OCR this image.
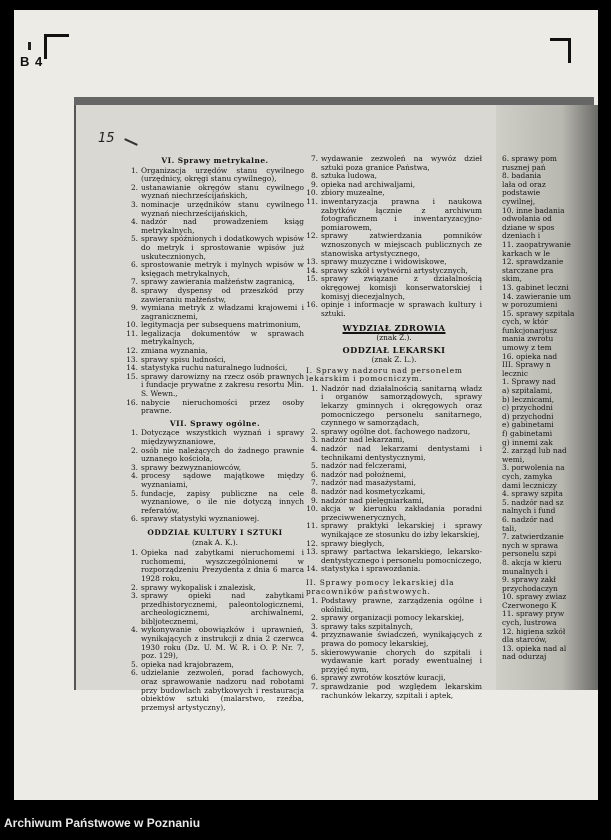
B 4
15
VI. Sprawy metrykalne.
1. Organizacja urzędów stanu cywilnego (urzędnicy, okręgi stanu cywilnego),
2. ustanawianie okręgów stanu cywilnego wyznań niechrześcijańskich,
3. nominacje urzędników stanu cywilnego wyznań niechrześcijańskich,
4. nadzór nad prowadzeniem ksiąg metrykalnych,
5. sprawy spóźnionych i dodatkowych wpisów do metryk i sprostowanie wpisów już uskutecznionych,
6. sprostowanie metryk i mylnych wpisów w księgach metrykalnych,
7. sprawy zawierania małżeństw zagranicą,
8. sprawy dyspensy od przeszkód przy zawieraniu małżeństw,
9. wymiana metryk z władzami krajowemi i zagranicznemi,
10. legitymacja per subsequens matrimonium,
11. legalizacja dokumentów w sprawach metrykalnych,
12. zmiana wyznania,
13. sprawy spisu ludności,
14. statystyka ruchu naturalnego ludności,
15. sprawy darowizny na rzecz osób prawnych i fundacje prywatne z zakresu resortu Min. S. Wewn.,
16. nabycie nieruchomości przez osoby prawne.
VII. Sprawy ogólne.
1. Dotyczące wszystkich wyznań i sprawy międzywyznaniowe,
2. osób nie należących do żadnego prawnie uznanego kościoła,
3. sprawy bezwyznaniowców,
4. procesy sądowe majątkowe między wyznaniami,
5. fundacje, zapisy publiczne na cele wyznaniowe, o ile nie dotyczą innych referatów,
6. sprawy statystyki wyznaniowej.
ODDZIAŁ KULTURY I SZTUKI
(znak A. K.).
1. Opieka nad zabytkami nieruchomemi i ruchomemi, wyszczególnionemi w rozporządzeniu Prezydenta z dnia 6 marca 1928 roku,
2. sprawy wykopalisk i znalezisk,
3. sprawy opieki nad zabytkami przedhistorycznemi, paleontologicznemi, archeologicznemi, archiwalnemi, bibljotecznemi,
4. wykonywanie obowiązków i uprawnień, wynikających z instrukcji z dnia 2 czerwca 1930 roku (Dz. U. M. W. R. i O. P. Nr. 7, poz. 129),
5. opieka nad krajobrazem,
6. udzielanie zezwoleń, porad fachowych, oraz sprawowanie nadzoru nad robotami przy budowlach zabytkowych i restauracja obiektów sztuki (malarstwo, rzeźba, przemysł artystyczny),
7. wydawanie zezwoleń na wywóz dzieł sztuki poza granice Państwa,
8. sztuka ludowa,
9. opieka nad archiwaljami,
10. zbiory muzealne,
11. inwentaryzacja prawna i naukowa zabytków łącznie z archiwum fotograficznem i inwentaryzacyjno-pomiarowem,
12. sprawy zatwierdzania pomników wznoszonych w miejscach publicznych ze stanowiska artystycznego,
13. sprawy muzyczne i widowiskowe,
14. sprawy szkół i wytwórni artystycznych,
15. sprawy związane z działalnością okręgowej komisji konserwatorskiej i komisyj diecezjalnych,
16. opinje i informacje w sprawach kultury i sztuki.
WYDZIAŁ ZDROWIA
(znak Z.).
ODDZIAŁ LEKARSKI
(znak Z. L.).
I. Sprawy nadzoru nad personelem lekarskim i pomocniczym.
1. Nadzór nad działalnością sanitarną władz i organów samorządowych, sprawy lekarzy gminnych i okręgowych oraz pomocniczego personelu sanitarnego, czynnego w samorządach,
2. sprawy ogólne dot. fachowego nadzoru,
3. nadzór nad lekarzami,
4. nadzór nad lekarzami dentystami i technikami dentystycznymi,
5. nadzór nad felczerami,
6. nadzór nad położnemi,
7. nadzór nad masażystami,
8. nadzór nad kosmetyczkami,
9. nadzór nad pielęgniarkami,
10. akcja w kierunku zakładania poradni przeciwwenerycznych,
11. sprawy praktyki lekarskiej i sprawy wynikające ze stosunku do izby lekarskiej,
12. sprawy biegłych,
13. sprawy partactwa lekarskiego, lekarsko-dentystycznego i personelu pomocniczego,
14. statystyka i sprawozdania.
II. Sprawy pomocy lekarskiej dla pracowników państwowych.
1. Podstawy prawne, zarządzenia ogólne i okólniki,
2. sprawy organizacji pomocy lekarskiej,
3. sprawy taks szpitalnych,
4. przyznawanie świadczeń, wynikających z prawa do pomocy lekarskiej,
5. skierowywanie chorych do szpitali i wydawanie kart porady ewentualnej i przyjęć nym,
6. sprawy zwrotów kosztów kuracji,
7. sprawdzanie pod względem lekarskim rachunków lekarzy, szpitali i aptek,
6. sprawy pom
rusznej pań
8. badania
lała od oraz
podstawie
cywilnej,
10. inne badania
odwołania od
dziane w spos
dzeniach i
11. zaopatrywanie
karkach w le
12. sprawdzanie
starczane pra
skim,
13. gabinet leczni
14. zawieranie um
w porozumieni
15. sprawy szpitala
cych, w któr
funkcjonarjusz
mania zwrotu
umowy z tem
16. opieka nad
III. Sprawy n
lecznic
1. Sprawy nad
a) szpitalami,
b) lecznicami,
c) przychodni
d) przychodni
e) gabinetami
f) gabinetami
g) innemi zak
2. zarząd lub nad
wemi,
3. porwolenia na
cych, zamyka
dami leczniczy
4. sprawy szpita
5. nadzór nad sz
nalnych i fund
6. nadzór nad
tali,
7. zatwierdzanie
nych w sprawa
personelu szpi
8. akcja w kieru
munalnych i
9. sprawy zakł
przychodaczyn
10. sprawy zwiaz
Czerwonego K
11. sprawy pryw
cych, lustrowa
12. higiena szkół
dla starców,
13. opieka nad al
nad odurzaj
Archiwum Państwowe w Poznaniu
